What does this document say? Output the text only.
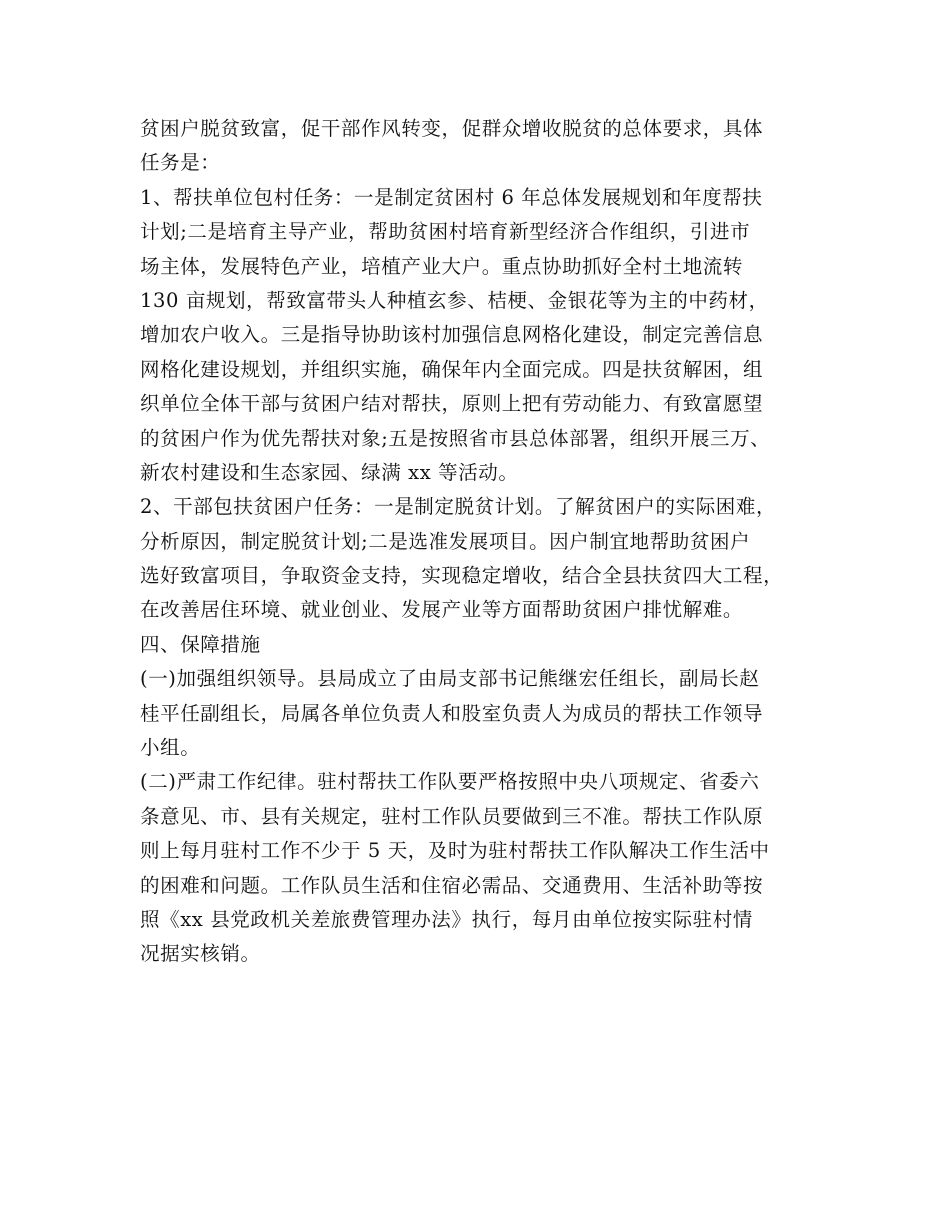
贫困户脱贫致富，促干部作风转变，促群众增收脱贫的总体要求，具体
任务是：
1、帮扶单位包村任务：一是制定贫困村 6 年总体发展规划和年度帮扶
计划;二是培育主导产业，帮助贫困村培育新型经济合作组织，引进市
场主体，发展特色产业，培植产业大户。重点协助抓好全村土地流转
130 亩规划，帮致富带头人种植玄参、桔梗、金银花等为主的中药材，
增加农户收入。三是指导协助该村加强信息网格化建设，制定完善信息
网格化建设规划，并组织实施，确保年内全面完成。四是扶贫解困，组
织单位全体干部与贫困户结对帮扶，原则上把有劳动能力、有致富愿望
的贫困户作为优先帮扶对象;五是按照省市县总体部署，组织开展三万、
新农村建设和生态家园、绿满 xx 等活动。
2、干部包扶贫困户任务：一是制定脱贫计划。了解贫困户的实际困难，
分析原因，制定脱贫计划;二是选准发展项目。因户制宜地帮助贫困户
选好致富项目，争取资金支持，实现稳定增收，结合全县扶贫四大工程，
在改善居住环境、就业创业、发展产业等方面帮助贫困户排忧解难。
四、保障措施
(一)加强组织领导。县局成立了由局支部书记熊继宏任组长，副局长赵
桂平任副组长，局属各单位负责人和股室负责人为成员的帮扶工作领导
小组。
(二)严肃工作纪律。驻村帮扶工作队要严格按照中央八项规定、省委六
条意见、市、县有关规定，驻村工作队员要做到三不准。帮扶工作队原
则上每月驻村工作不少于 5 天，及时为驻村帮扶工作队解决工作生活中
的困难和问题。工作队员生活和住宿必需品、交通费用、生活补助等按
照《xx 县党政机关差旅费管理办法》执行，每月由单位按实际驻村情
况据实核销。
